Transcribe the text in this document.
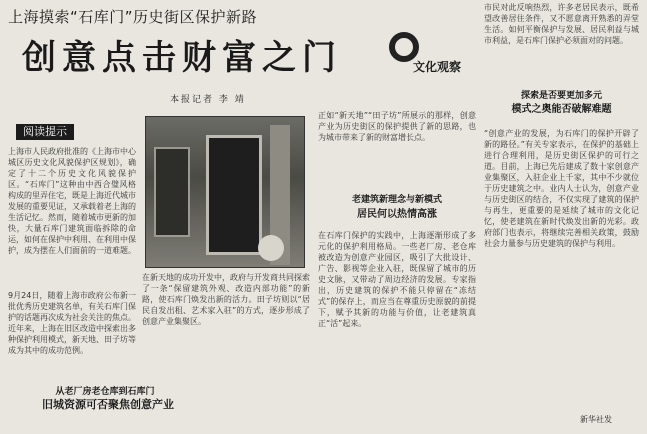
上海摸索“石库门”历史街区保护新路
创意点击财富之门	文化观察
本报记者 李 靖
阅读提示
上海市人民政府批准的《上海市中心城区历史文化风貌保护区规划》，确定了十二个历史文化风貌保护区。“石库门”这种由中西合璧风格构成的里弄住宅，既是上海近代城市发展的重要见证，又承载着老上海的生活记忆。然而，随着城市更新的加快，大量石库门建筑面临拆除的命运，如何在保护中利用、在利用中保护，成为摆在人们面前的一道难题。
9月24日，随着上海市政府公布新一批优秀历史建筑名单，有关石库门保护的话题再次成为社会关注的焦点。近年来，上海在旧区改造中探索出多种保护利用模式，新天地、田子坊等成为其中的成功范例。
在新天地的成功开发中，政府与开发商共同探索了一条“保留建筑外观、改造内部功能”的新路，使石库门焕发出新的活力。田子坊则以“居民自发出租、艺术家入驻”的方式，逐步形成了创意产业集聚区。
正如“新天地”“田子坊”所展示的那样，创意产业为历史街区的保护提供了新的思路，也为城市带来了新的财富增长点。
在石库门保护的实践中，上海逐渐形成了多元化的保护利用格局。一些老厂房、老仓库被改造为创意产业园区，吸引了大批设计、广告、影视等企业入驻，既保留了城市的历史文脉，又带动了周边经济的发展。专家指出，历史建筑的保护不能只停留在“冻结式”的保存上，而应当在尊重历史原貌的前提下，赋予其新的功能与价值，让老建筑真正“活”起来。
市民对此反响热烈，许多老居民表示，既希望改善居住条件，又不愿意离开熟悉的弄堂生活。如何平衡保护与发展、居民利益与城市利益，是石库门保护必须面对的问题。
“创意产业的发展，为石库门的保护开辟了新的路径。”有关专家表示，在保护的基础上进行合理利用，是历史街区保护的可行之道。目前，上海已先后建成了数十家创意产业集聚区，入驻企业上千家，其中不少就位于历史建筑之中。业内人士认为，创意产业与历史街区的结合，不仅实现了建筑的保护与再生，更重要的是延续了城市的文化记忆，使老建筑在新时代焕发出新的光彩。政府部门也表示，将继续完善相关政策，鼓励社会力量参与历史建筑的保护与利用。
从老厂房老仓库到石库门
旧城资源可否聚焦创意产业
老建筑新理念与新模式
居民何以热情高涨
探索是否要更加多元
模式之奥能否破解难题
新华社发
